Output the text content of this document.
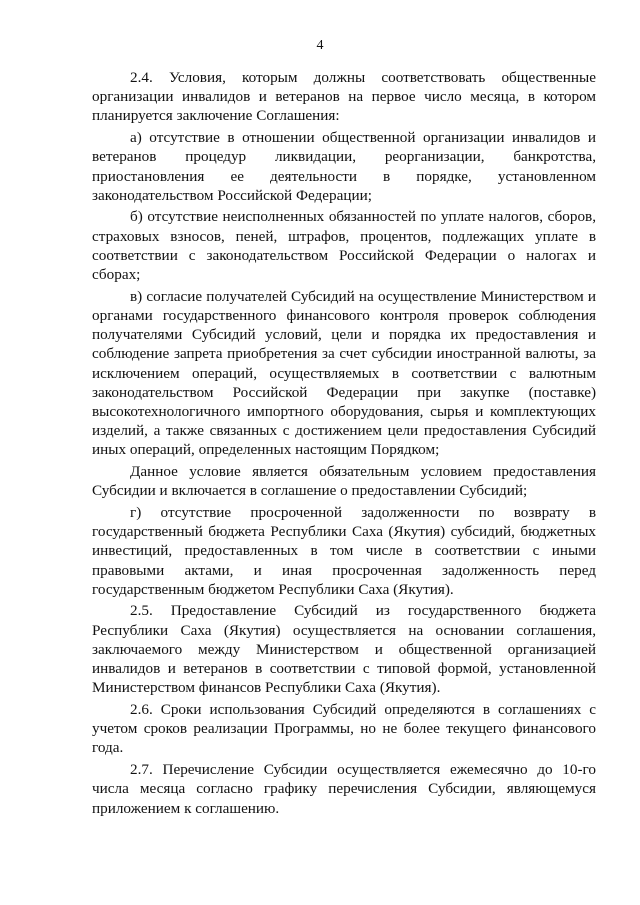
4

2.4. Условия, которым должны соответствовать общественные организации инвалидов и ветеранов на первое число месяца, в котором планируется заключение Соглашения:

а) отсутствие в отношении общественной организации инвалидов и ветеранов процедур ликвидации, реорганизации, банкротства, приостановления ее деятельности в порядке, установленном законодательством Российской Федерации;

б) отсутствие неисполненных обязанностей по уплате налогов, сборов, страховых взносов, пеней, штрафов, процентов, подлежащих уплате в соответствии с законодательством Российской Федерации о налогах и сборах;

в) согласие получателей Субсидий на осуществление Министерством и органами государственного финансового контроля проверок соблюдения получателями Субсидий условий, цели и порядка их предоставления и соблюдение запрета приобретения за счет субсидии иностранной валюты, за исключением операций, осуществляемых в соответствии с валютным законодательством Российской Федерации при закупке (поставке) высокотехнологичного импортного оборудования, сырья и комплектующих изделий, а также связанных с достижением цели предоставления Субсидий иных операций, определенных настоящим Порядком;

Данное условие является обязательным условием предоставления Субсидии и включается в соглашение о предоставлении Субсидий;

г) отсутствие просроченной задолженности по возврату в государственный бюджета Республики Саха (Якутия) субсидий, бюджетных инвестиций, предоставленных в том числе в соответствии с иными правовыми актами, и иная просроченная задолженность перед государственным бюджетом Республики Саха (Якутия).

2.5. Предоставление Субсидий из государственного бюджета Республики Саха (Якутия) осуществляется на основании соглашения, заключаемого между Министерством и общественной организацией инвалидов и ветеранов в соответствии с типовой формой, установленной Министерством финансов Республики Саха (Якутия).

2.6. Сроки использования Субсидий определяются в соглашениях с учетом сроков реализации Программы, но не более текущего финансового года.

2.7. Перечисление Субсидии осуществляется ежемесячно до 10-го числа месяца согласно графику перечисления Субсидии, являющемуся приложением к соглашению.
